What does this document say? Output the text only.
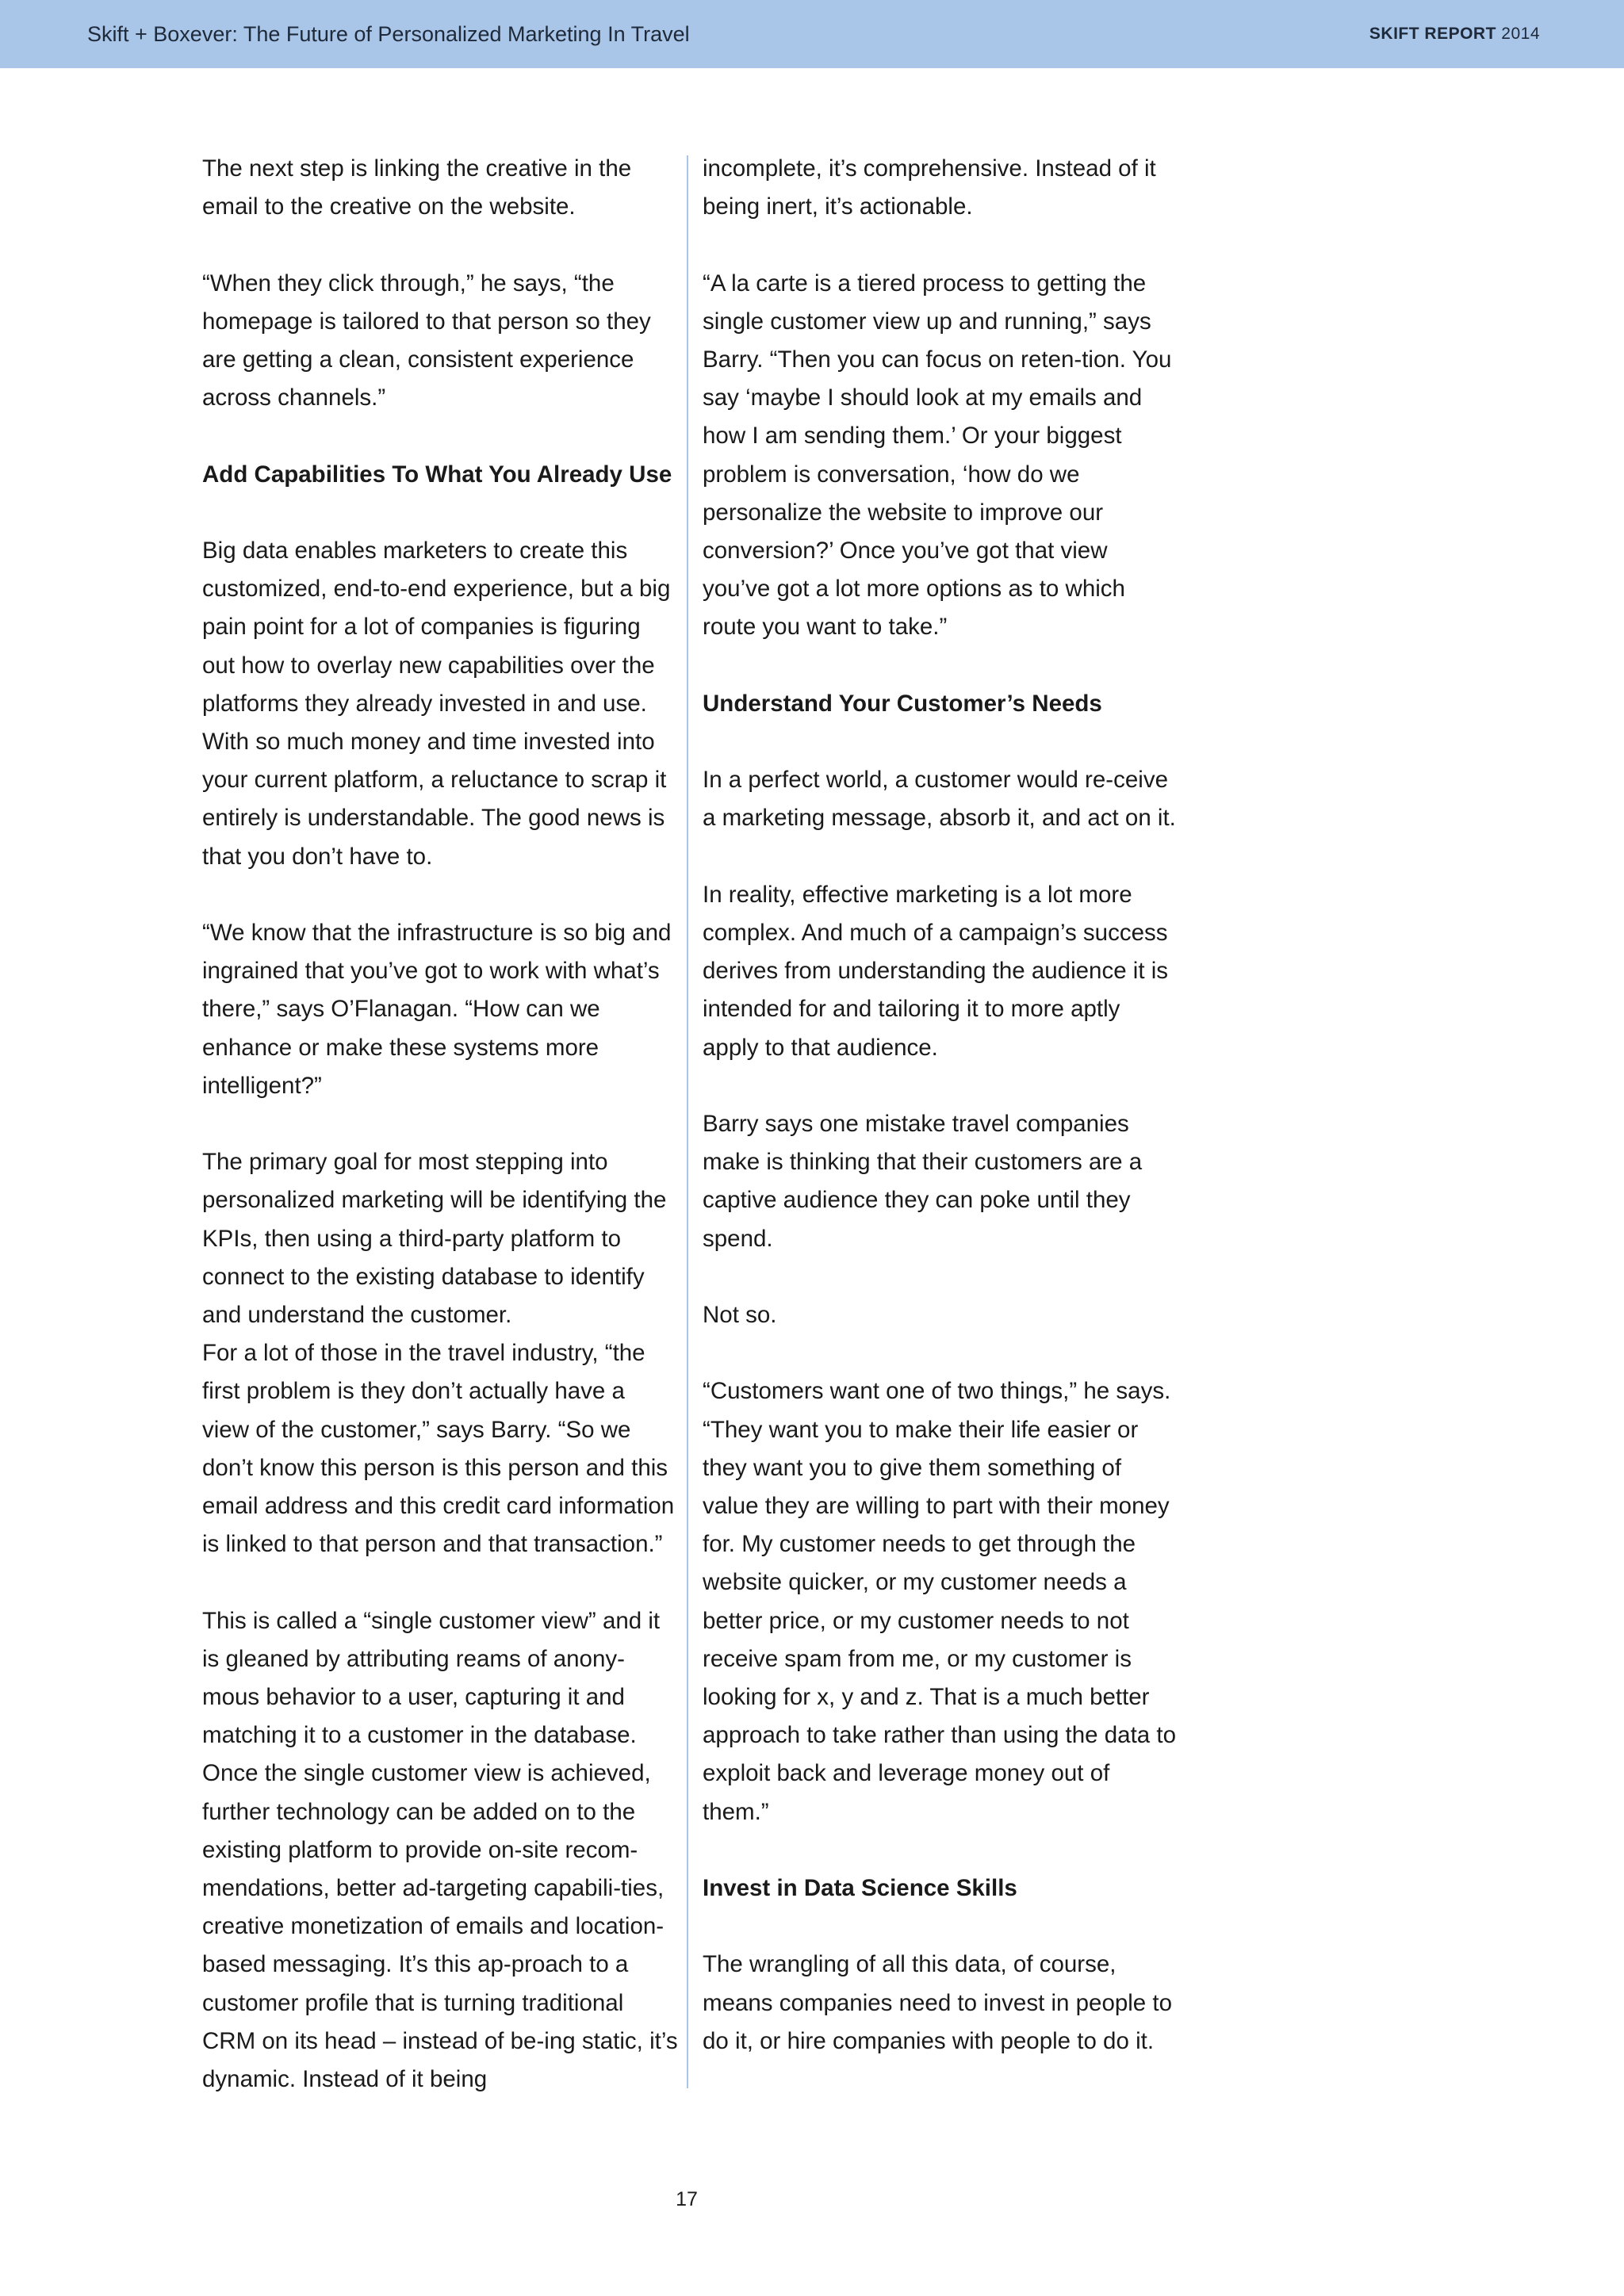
Skift + Boxever: The Future of Personalized Marketing In Travel	SKIFT REPORT 2014

The next step is linking the creative in the email to the creative on the website.

“When they click through,” he says, “the homepage is tailored to that person so they are getting a clean, consistent experience across channels.”

Add Capabilities To What You Already Use

Big data enables marketers to create this customized, end-to-end experience, but a big pain point for a lot of companies is figuring out how to overlay new capabilities over the platforms they already invested in and use. With so much money and time invested into your current platform, a reluctance to scrap it entirely is understandable. The good news is that you don’t have to.

“We know that the infrastructure is so big and ingrained that you’ve got to work with what’s there,” says O’Flanagan. “How can we enhance or make these systems more intelligent?”

The primary goal for most stepping into personalized marketing will be identifying the KPIs, then using a third-party platform to connect to the existing database to identify and understand the customer.

For a lot of those in the travel industry, “the first problem is they don’t actually have a view of the customer,” says Barry. “So we don’t know this person is this person and this email address and this credit card information is linked to that person and that transaction.”

This is called a “single customer view” and it is gleaned by attributing reams of anony-mous behavior to a user, capturing it and matching it to a customer in the database. Once the single customer view is achieved, further technology can be added on to the existing platform to provide on-site recom-mendations, better ad-targeting capabili-ties, creative monetization of emails and location-based messaging. It’s this ap-proach to a customer profile that is turning traditional CRM on its head – instead of be-ing static, it’s dynamic. Instead of it being

incomplete, it’s comprehensive. Instead of it being inert, it’s actionable.

“A la carte is a tiered process to getting the single customer view up and running,” says Barry. “Then you can focus on reten-tion. You say ‘maybe I should look at my emails and how I am sending them.’ Or your biggest problem is conversation, ‘how do we personalize the website to improve our conversion?’ Once you’ve got that view you’ve got a lot more options as to which route you want to take.”

Understand Your Customer’s Needs

In a perfect world, a customer would re-ceive a marketing message, absorb it, and act on it.

In reality, effective marketing is a lot more complex. And much of a campaign’s success derives from understanding the audience it is intended for and tailoring it to more aptly apply to that audience.

Barry says one mistake travel companies make is thinking that their customers are a captive audience they can poke until they spend.

Not so.

“Customers want one of two things,” he says. “They want you to make their life easier or they want you to give them something of value they are willing to part with their money for. My customer needs to get through the website quicker, or my customer needs a better price, or my customer needs to not receive spam from me, or my customer is looking for x, y and z. That is a much better approach to take rather than using the data to exploit back and leverage money out of them.”

Invest in Data Science Skills

The wrangling of all this data, of course, means companies need to invest in people to do it, or hire companies with people to do it.

17
